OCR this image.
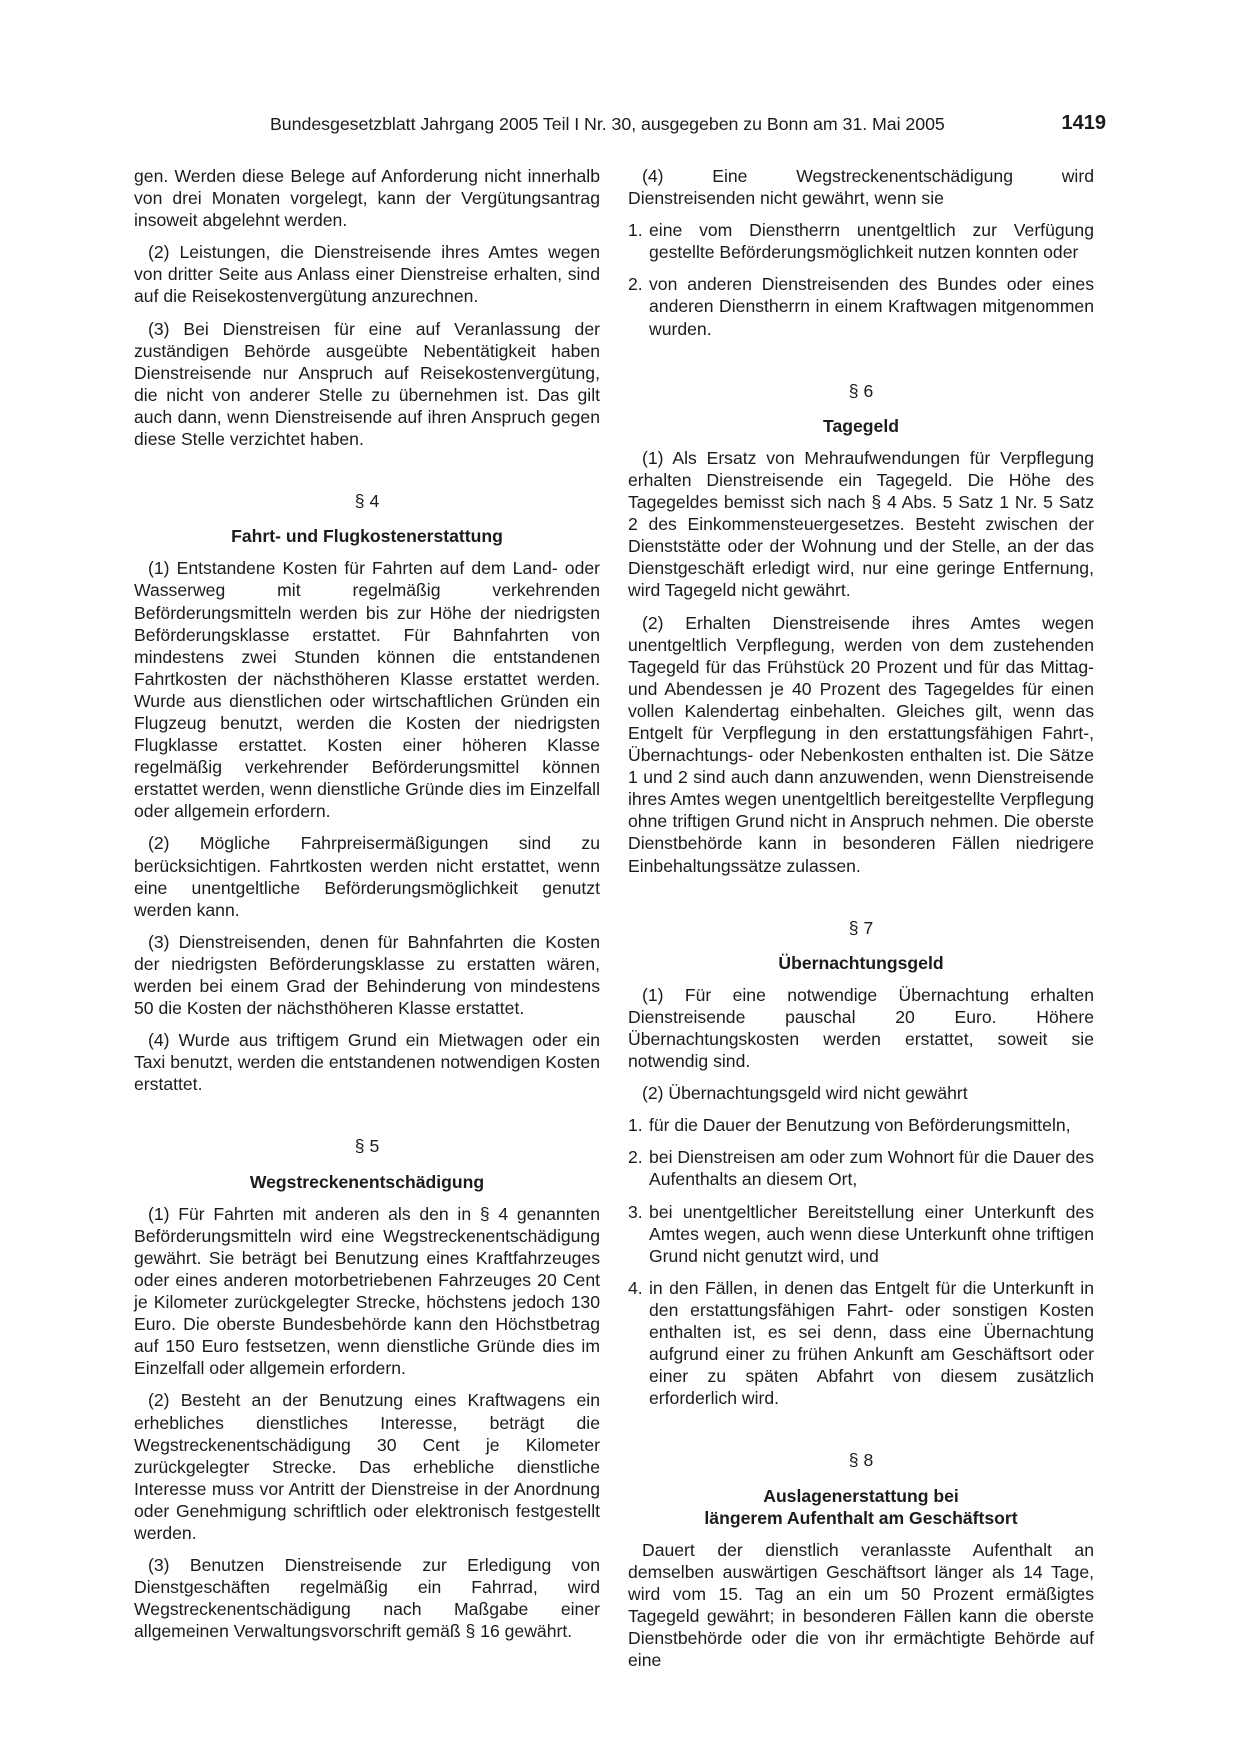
Bundesgesetzblatt Jahrgang 2005 Teil I Nr. 30, ausgegeben zu Bonn am 31. Mai 2005	1419

gen. Werden diese Belege auf Anforderung nicht innerhalb von drei Monaten vorgelegt, kann der Vergütungsantrag insoweit abgelehnt werden.

(2) Leistungen, die Dienstreisende ihres Amtes wegen von dritter Seite aus Anlass einer Dienstreise erhalten, sind auf die Reisekostenvergütung anzurechnen.

(3) Bei Dienstreisen für eine auf Veranlassung der zuständigen Behörde ausgeübte Nebentätigkeit haben Dienstreisende nur Anspruch auf Reisekostenvergütung, die nicht von anderer Stelle zu übernehmen ist. Das gilt auch dann, wenn Dienstreisende auf ihren Anspruch gegen diese Stelle verzichtet haben.

§ 4
Fahrt- und Flugkostenerstattung

(1) Entstandene Kosten für Fahrten auf dem Land- oder Wasserweg mit regelmäßig verkehrenden Beförderungsmitteln werden bis zur Höhe der niedrigsten Beförderungsklasse erstattet. Für Bahnfahrten von mindestens zwei Stunden können die entstandenen Fahrtkosten der nächsthöheren Klasse erstattet werden. Wurde aus dienstlichen oder wirtschaftlichen Gründen ein Flugzeug benutzt, werden die Kosten der niedrigsten Flugklasse erstattet. Kosten einer höheren Klasse regelmäßig verkehrender Beförderungsmittel können erstattet werden, wenn dienstliche Gründe dies im Einzelfall oder allgemein erfordern.

(2) Mögliche Fahrpreisermäßigungen sind zu berücksichtigen. Fahrtkosten werden nicht erstattet, wenn eine unentgeltliche Beförderungsmöglichkeit genutzt werden kann.

(3) Dienstreisenden, denen für Bahnfahrten die Kosten der niedrigsten Beförderungsklasse zu erstatten wären, werden bei einem Grad der Behinderung von mindestens 50 die Kosten der nächsthöheren Klasse erstattet.

(4) Wurde aus triftigem Grund ein Mietwagen oder ein Taxi benutzt, werden die entstandenen notwendigen Kosten erstattet.

§ 5
Wegstreckenentschädigung

(1) Für Fahrten mit anderen als den in § 4 genannten Beförderungsmitteln wird eine Wegstreckenentschädigung gewährt. Sie beträgt bei Benutzung eines Kraftfahrzeuges oder eines anderen motorbetriebenen Fahrzeuges 20 Cent je Kilometer zurückgelegter Strecke, höchstens jedoch 130 Euro. Die oberste Bundesbehörde kann den Höchstbetrag auf 150 Euro festsetzen, wenn dienstliche Gründe dies im Einzelfall oder allgemein erfordern.

(2) Besteht an der Benutzung eines Kraftwagens ein erhebliches dienstliches Interesse, beträgt die Wegstreckenentschädigung 30 Cent je Kilometer zurückgelegter Strecke. Das erhebliche dienstliche Interesse muss vor Antritt der Dienstreise in der Anordnung oder Genehmigung schriftlich oder elektronisch festgestellt werden.

(3) Benutzen Dienstreisende zur Erledigung von Dienstgeschäften regelmäßig ein Fahrrad, wird Wegstreckenentschädigung nach Maßgabe einer allgemeinen Verwaltungsvorschrift gemäß § 16 gewährt.

(4) Eine Wegstreckenentschädigung wird Dienstreisenden nicht gewährt, wenn sie

1. eine vom Dienstherrn unentgeltlich zur Verfügung gestellte Beförderungsmöglichkeit nutzen konnten oder
2. von anderen Dienstreisenden des Bundes oder eines anderen Dienstherrn in einem Kraftwagen mitgenommen wurden.
§ 6
Tagegeld

(1) Als Ersatz von Mehraufwendungen für Verpflegung erhalten Dienstreisende ein Tagegeld. Die Höhe des Tagegeldes bemisst sich nach § 4 Abs. 5 Satz 1 Nr. 5 Satz 2 des Einkommensteuergesetzes. Besteht zwischen der Dienststätte oder der Wohnung und der Stelle, an der das Dienstgeschäft erledigt wird, nur eine geringe Entfernung, wird Tagegeld nicht gewährt.

(2) Erhalten Dienstreisende ihres Amtes wegen unentgeltlich Verpflegung, werden von dem zustehenden Tagegeld für das Frühstück 20 Prozent und für das Mittag- und Abendessen je 40 Prozent des Tagegeldes für einen vollen Kalendertag einbehalten. Gleiches gilt, wenn das Entgelt für Verpflegung in den erstattungsfähigen Fahrt-, Übernachtungs- oder Nebenkosten enthalten ist. Die Sätze 1 und 2 sind auch dann anzuwenden, wenn Dienstreisende ihres Amtes wegen unentgeltlich bereitgestellte Verpflegung ohne triftigen Grund nicht in Anspruch nehmen. Die oberste Dienstbehörde kann in besonderen Fällen niedrigere Einbehaltungssätze zulassen.

§ 7
Übernachtungsgeld

(1) Für eine notwendige Übernachtung erhalten Dienstreisende pauschal 20 Euro. Höhere Übernachtungskosten werden erstattet, soweit sie notwendig sind.

(2) Übernachtungsgeld wird nicht gewährt

1. für die Dauer der Benutzung von Beförderungsmitteln,
2. bei Dienstreisen am oder zum Wohnort für die Dauer des Aufenthalts an diesem Ort,
3. bei unentgeltlicher Bereitstellung einer Unterkunft des Amtes wegen, auch wenn diese Unterkunft ohne triftigen Grund nicht genutzt wird, und
4. in den Fällen, in denen das Entgelt für die Unterkunft in den erstattungsfähigen Fahrt- oder sonstigen Kosten enthalten ist, es sei denn, dass eine Übernachtung aufgrund einer zu frühen Ankunft am Geschäftsort oder einer zu späten Abfahrt von diesem zusätzlich erforderlich wird.
§ 8
Auslagenerstattung bei
längerem Aufenthalt am Geschäftsort

Dauert der dienstlich veranlasste Aufenthalt an demselben auswärtigen Geschäftsort länger als 14 Tage, wird vom 15. Tag an ein um 50 Prozent ermäßigtes Tagegeld gewährt; in besonderen Fällen kann die oberste Dienstbehörde oder die von ihr ermächtigte Behörde auf eine
